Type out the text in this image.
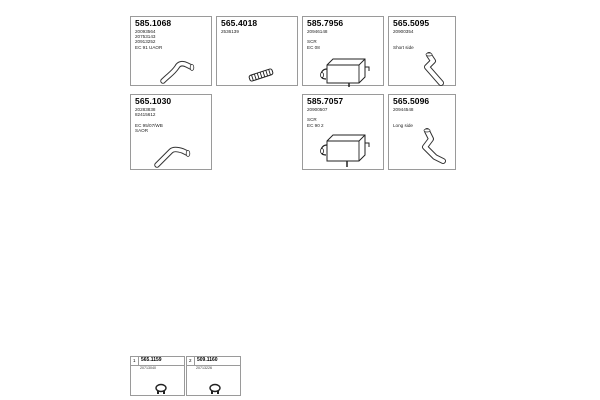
585.1068
20093564
20753143
20913252
EC 91 UAOR
565.4018
2536139
585.7956
20946148

SCR
EC 08
565.5095
20900354

Short side
565.1030
20283838
82415612

EC 95/07/WB
SAOR
585.7057
20900507

SCR
EC 90 2
565.5096
20944548

Long side
1 565.1159
20713040
2 509.1160
20713226
